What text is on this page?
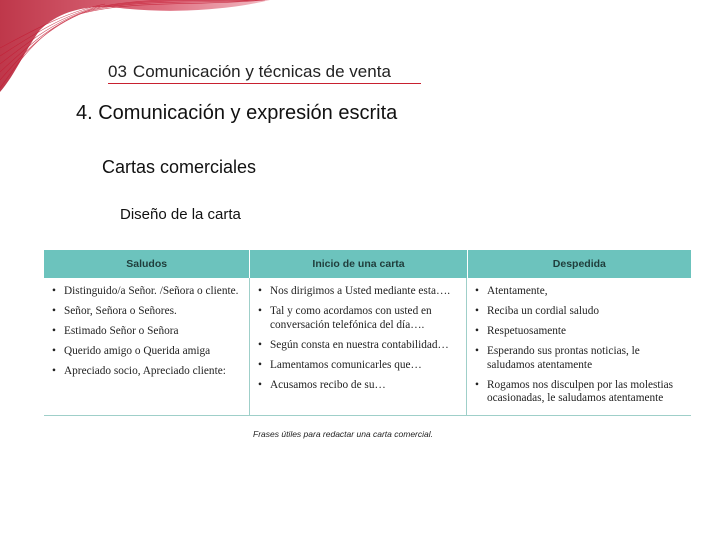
03 Comunicación y técnicas de venta
4. Comunicación y expresión escrita
Cartas comerciales
Diseño de la carta
Saludos	Inicio de una carta	Despedida
• Distinguido/a Señor. /Señora o cliente.
• Señor, Señora o Señores.
• Estimado Señor o Señora
• Querido amigo o Querida amiga
• Apreciado socio, Apreciado cliente:
• Nos dirigimos a Usted mediante esta….
• Tal y como acordamos con usted en conversación telefónica del día….
• Según consta en nuestra contabilidad…
• Lamentamos comunicarles que…
• Acusamos recibo de su…
• Atentamente,
• Reciba un cordial saludo
• Respetuosamente
• Esperando sus prontas noticias, le saludamos atentamente
• Rogamos nos disculpen por las molestias ocasionadas, le saludamos atentamente
Frases útiles para redactar una carta comercial.
